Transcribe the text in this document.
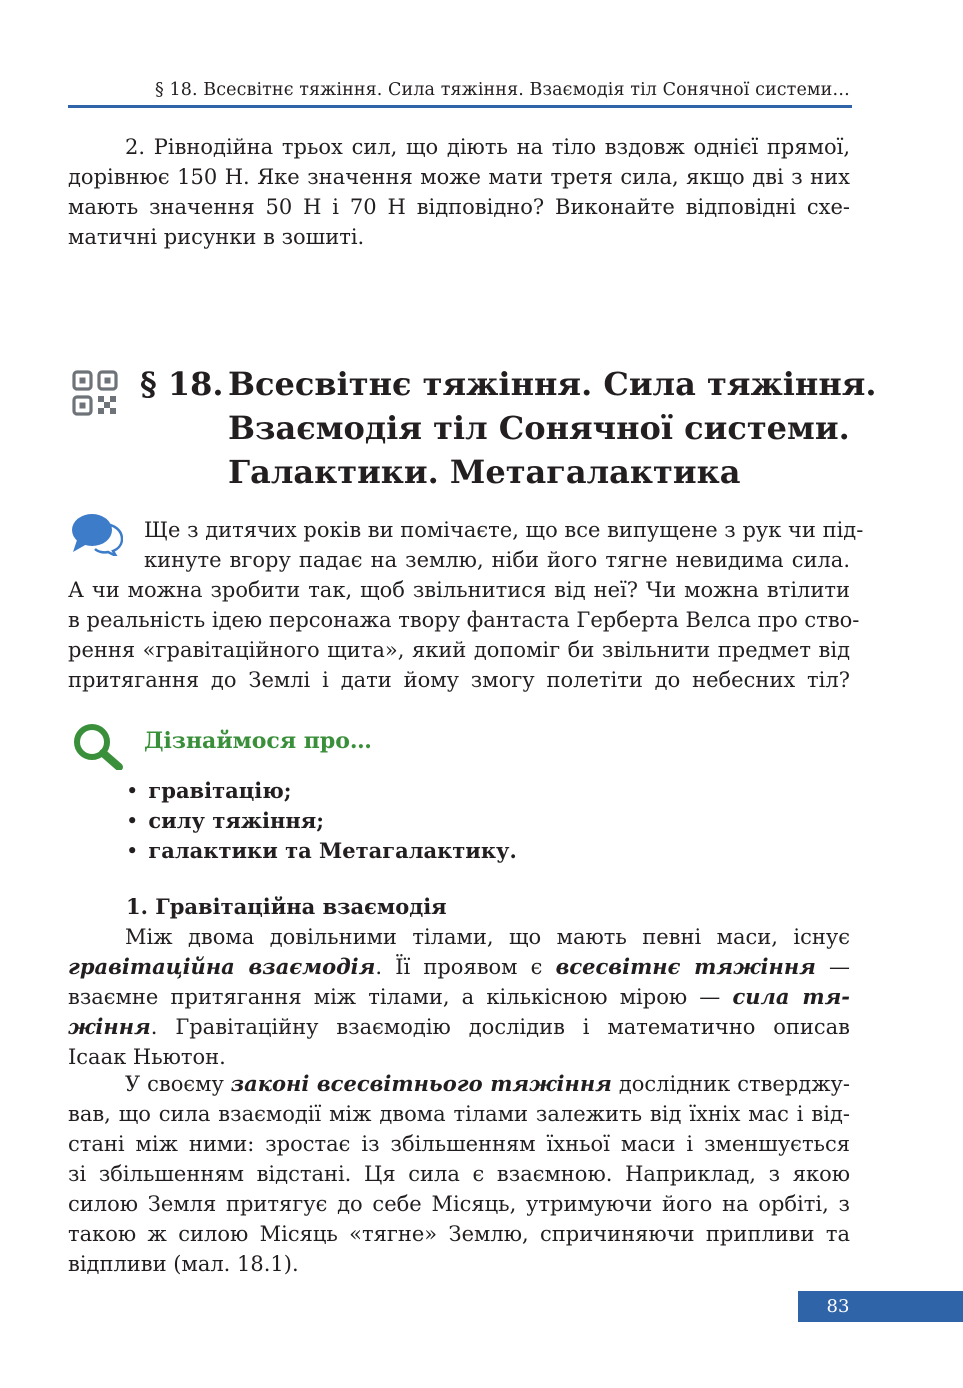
§ 18. Всесвітнє тяжіння. Сила тяжіння. Взаємодія тіл Сонячної системи…
2. Рівнодійна трьох сил, що діють на тіло вздовж однієї прямої,
дорівнює 150 Н. Яке значення може мати третя сила, якщо дві з них
мають значення 50 Н і 70 Н відповідно? Виконайте відповідні схе-
матичні рисунки в зошиті.
§ 18. Всесвітнє тяжіння. Сила тяжіння.
Взаємодія тіл Сонячної системи.
Галактики. Метагалактика
Ще з дитячих років ви помічаєте, що все випущене з рук чи під-
кинуте вгору падає на землю, ніби його тягне невидима сила.
А чи можна зробити так, щоб звільнитися від неї? Чи можна втілити
в реальність ідею персонажа твору фантаста Герберта Велса про ство-
рення «гравітаційного щита», який допоміг би звільнити предмет від
притягання до Землі і дати йому змогу полетіти до небесних тіл?
Дізнаймося про…
• гравітацію;
• силу тяжіння;
• галактики та Метагалактику.
1. Гравітаційна взаємодія
Між двома довільними тілами, що мають певні маси, існує
гравітаційна взаємодія. Її проявом є всесвітнє тяжіння —
взаємне притягання між тілами, а кількісною мірою — сила тя-
жіння. Гравітаційну взаємодію дослідив і математично описав
Ісаак Ньютон.
У своєму законі всесвітнього тяжіння дослідник стверджу-
вав, що сила взаємодії між двома тілами залежить від їхніх мас і від-
стані між ними: зростає із збільшенням їхньої маси і зменшується
зі збільшенням відстані. Ця сила є взаємною. Наприклад, з якою
силою Земля притягує до себе Місяць, утримуючи його на орбіті, з
такою ж силою Місяць «тягне» Землю, спричиняючи припливи та
відпливи (мал. 18.1).
83
